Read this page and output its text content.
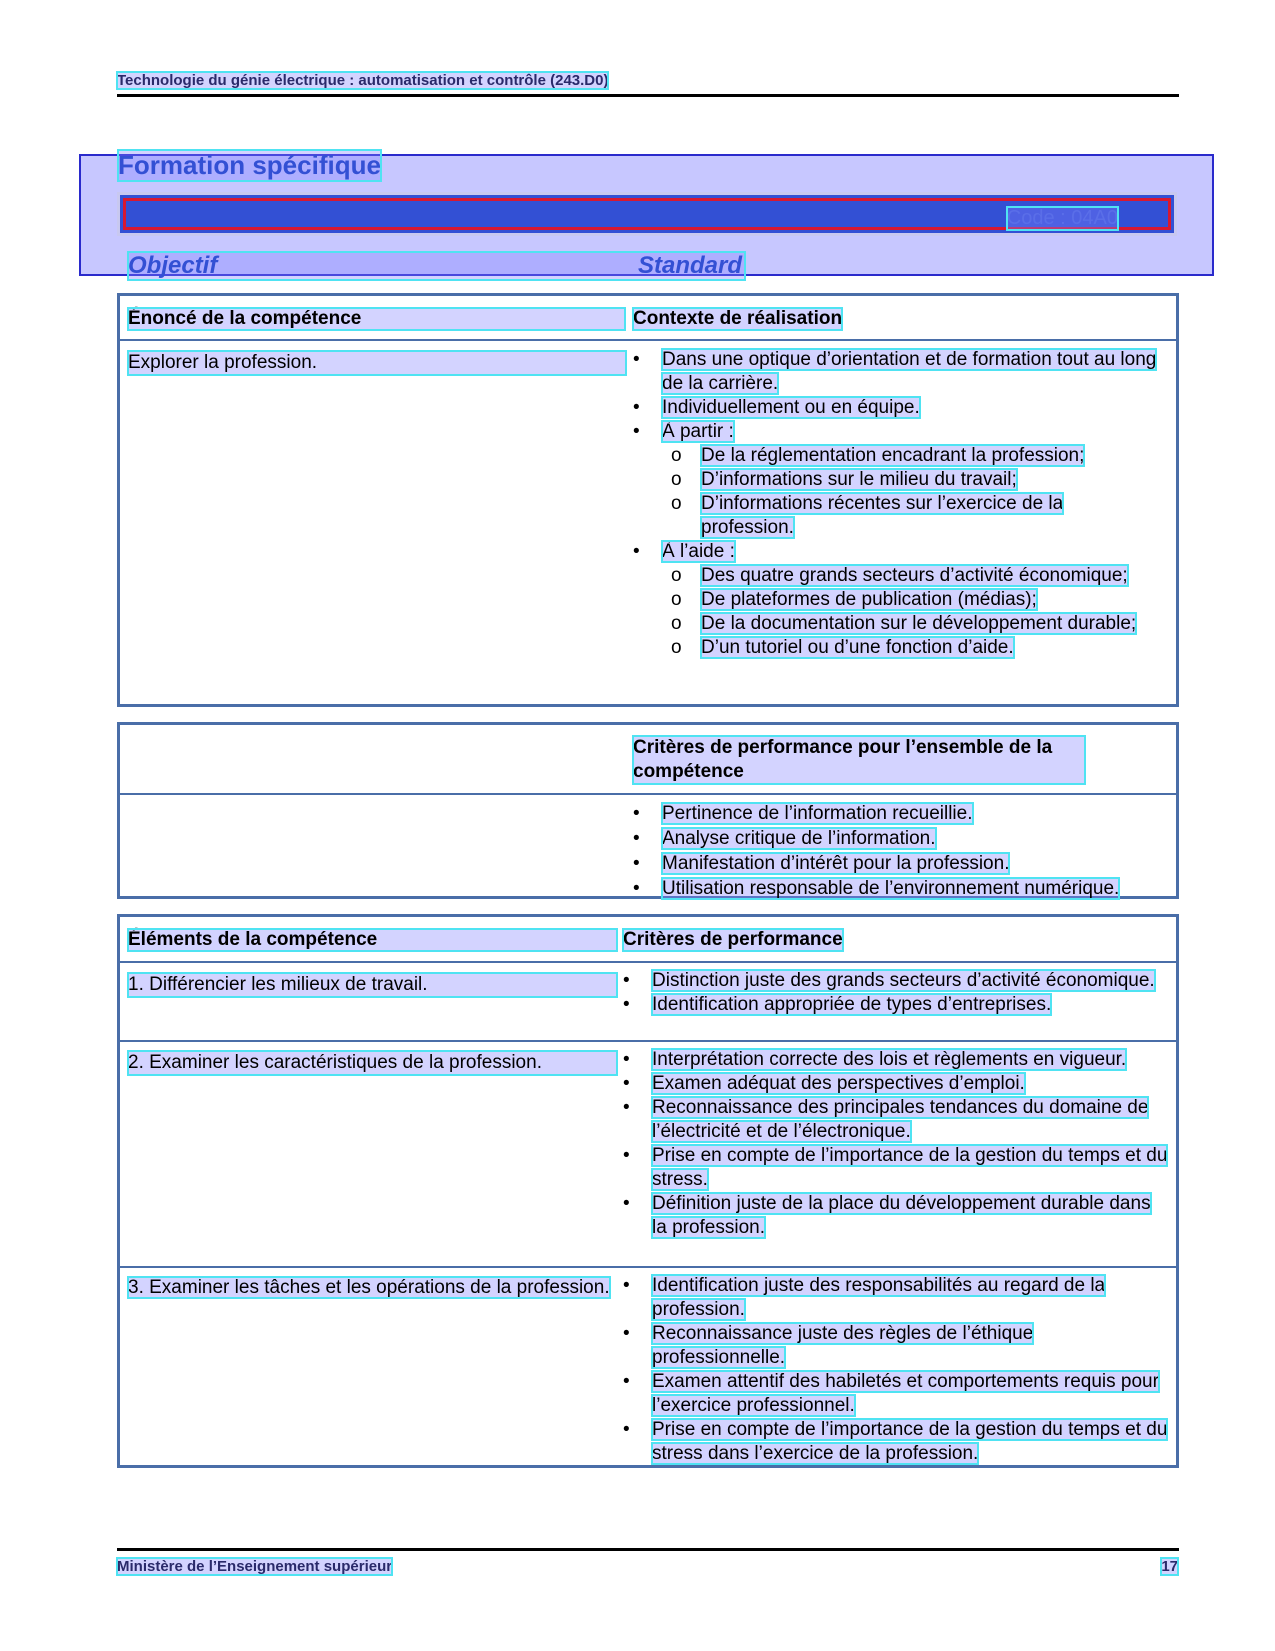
Technologie du génie électrique : automatisation et contrôle (243.D0)
Formation spécifique
Code : 04A0
Objectif	Standard
Énoncé de la compétence	Contexte de réalisation
Explorer la profession.	• Dans une optique d’orientation et de formation tout au long de la carrière.
• Individuellement ou en équipe.
• À partir :
o De la réglementation encadrant la profession;
o D’informations sur le milieu du travail;
o D’informations récentes sur l’exercice de la profession.
• À l’aide :
o Des quatre grands secteurs d’activité économique;
o De plateformes de publication (médias);
o De la documentation sur le développement durable;
o D’un tutoriel ou d’une fonction d’aide.
Critères de performance pour l’ensemble de la compétence
• Pertinence de l’information recueillie.
• Analyse critique de l’information.
• Manifestation d’intérêt pour la profession.
• Utilisation responsable de l’environnement numérique.
Éléments de la compétence	Critères de performance
1. Différencier les milieux de travail.	• Distinction juste des grands secteurs d’activité économique.
• Identification appropriée de types d’entreprises.
2. Examiner les caractéristiques de la profession.	• Interprétation correcte des lois et règlements en vigueur.
• Examen adéquat des perspectives d’emploi.
• Reconnaissance des principales tendances du domaine de l’électricité et de l’électronique.
• Prise en compte de l’importance de la gestion du temps et du stress.
• Définition juste de la place du développement durable dans la profession.
3. Examiner les tâches et les opérations de la profession.	• Identification juste des responsabilités au regard de la profession.
• Reconnaissance juste des règles de l’éthique professionnelle.
• Examen attentif des habiletés et comportements requis pour l’exercice professionnel.
• Prise en compte de l’importance de la gestion du temps et du stress dans l’exercice de la profession.
Ministère de l’Enseignement supérieur	17
